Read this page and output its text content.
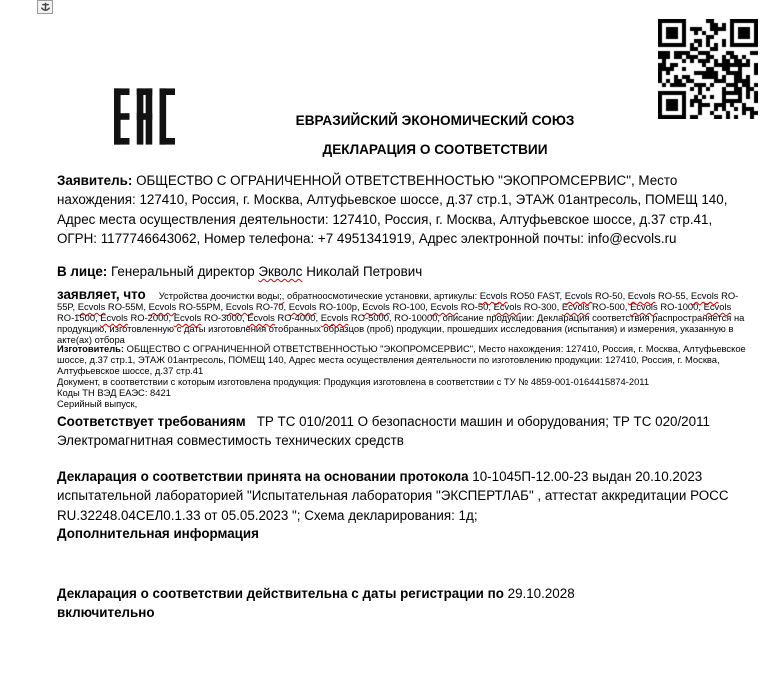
ЕВРАЗИЙСКИЙ ЭКОНОМИЧЕСКИЙ СОЮЗ
ДЕКЛАРАЦИЯ О СООТВЕТСТВИИ

Заявитель: ОБЩЕСТВО С ОГРАНИЧЕННОЙ ОТВЕТСТВЕННОСТЬЮ "ЭКОПРОМСЕРВИС", Место нахождения: 127410, Россия, г. Москва, Алтуфьевское шоссе, д.37 стр.1, ЭТАЖ 01антресоль, ПОМЕЩ 140, Адрес места осуществления деятельности: 127410, Россия, г. Москва, Алтуфьевское шоссе, д.37 стр.41, ОГРН: 1177746643062, Номер телефона: +7 4951341919, Адрес электронной почты: info@ecvols.ru

В лице: Генеральный директор Экволс Николай Петрович

заявляет, что Устройства доочистки воды;, обратноосмотические установки, артикулы: Ecvols RO50 FAST, Ecvols RO-50, Ecvols RO-55, Ecvols RO-55P, Ecvols RO-55M, Ecvols RO-55PM, Ecvols RO-70, Ecvols RO-100p, Ecvols RO-100, Ecvols RO-50, Ecvols RO-300, Ecvols RO-500, Ecvols RO-1000, Ecvols RO-1500, Ecvols RO-2000, Ecvols RO-3000, Ecvols RO-4000, Ecvols RO-5000, RO-10000, описание продукции: Декларация соответствия распространяется на продукцию, изготовленную с даты изготовления отобранных образцов (проб) продукции, прошедших исследования (испытания) и измерения, указанную в акте(ах) отбора

Изготовитель: ОБЩЕСТВО С ОГРАНИЧЕННОЙ ОТВЕТСТВЕННОСТЬЮ "ЭКОПРОМСЕРВИС", Место нахождения: 127410, Россия, г. Москва, Алтуфьевское шоссе, д.37 стр.1, ЭТАЖ 01антресоль, ПОМЕЩ 140, Адрес места осуществления деятельности по изготовлению продукции: 127410, Россия, г. Москва, Алтуфьевское шоссе, д.37 стр.41
Документ, в соответствии с которым изготовлена продукция: Продукция изготовлена в соответствии с ТУ № 4859-001-0164415874-2011
Коды ТН ВЭД ЕАЭС: 8421
Серийный выпуск,

Соответствует требованиям ТР ТС 010/2011 О безопасности машин и оборудования; ТР ТС 020/2011 Электромагнитная совместимость технических средств

Декларация о соответствии принята на основании протокола 10-1045П-12.00-23 выдан 20.10.2023 испытательной лабораторией "Испытательная лаборатория "ЭКСПЕРТЛАБ" , аттестат аккредитации РОСС RU.32248.04СЕЛ0.1.33 от 05.05.2023 "; Схема декларирования: 1д;

Дополнительная информация

Декларация о соответствии действительна с даты регистрации по 29.10.2028
включительно
